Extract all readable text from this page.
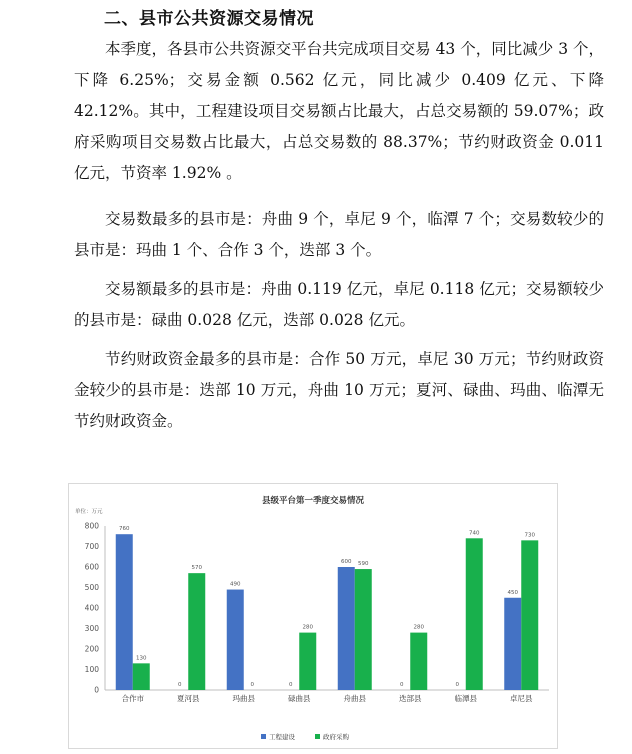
二、县市公共资源交易情况

本季度，各县市公共资源交平台共完成项目交易 43 个，同比减少 3 个，下降 6.25%；交易金额 0.562 亿元，同比减少 0.409 亿元、下降 42.12%。其中，工程建设项目交易额占比最大，占总交易额的 59.07%；政府采购项目交易数占比最大，占总交易数的 88.37%；节约财政资金 0.011 亿元，节资率 1.92% 。

交易数最多的县市是：舟曲 9 个，卓尼 9 个，临潭 7 个；交易数较少的县市是：玛曲 1 个、合作 3 个，迭部 3 个。

交易额最多的县市是：舟曲 0.119 亿元，卓尼 0.118 亿元；交易额较少的县市是：碌曲 0.028 亿元，迭部 0.028 亿元。

节约财政资金最多的县市是：合作 50 万元，卓尼 30 万元；节约财政资金较少的县市是：迭部 10 万元，舟曲 10 万元；夏河、碌曲、玛曲、临潭无节约财政资金。

县级平台第一季度交易情况
单位：万元
0
100
200
300
400
500
600
700
800	760
130
合作市
0
570
夏河县
490
0
玛曲县
0
280
碌曲县
600 590
舟曲县
0
280
迭部县
0
740
临潭县
450
730
卓尼县
工程建设	政府采购
